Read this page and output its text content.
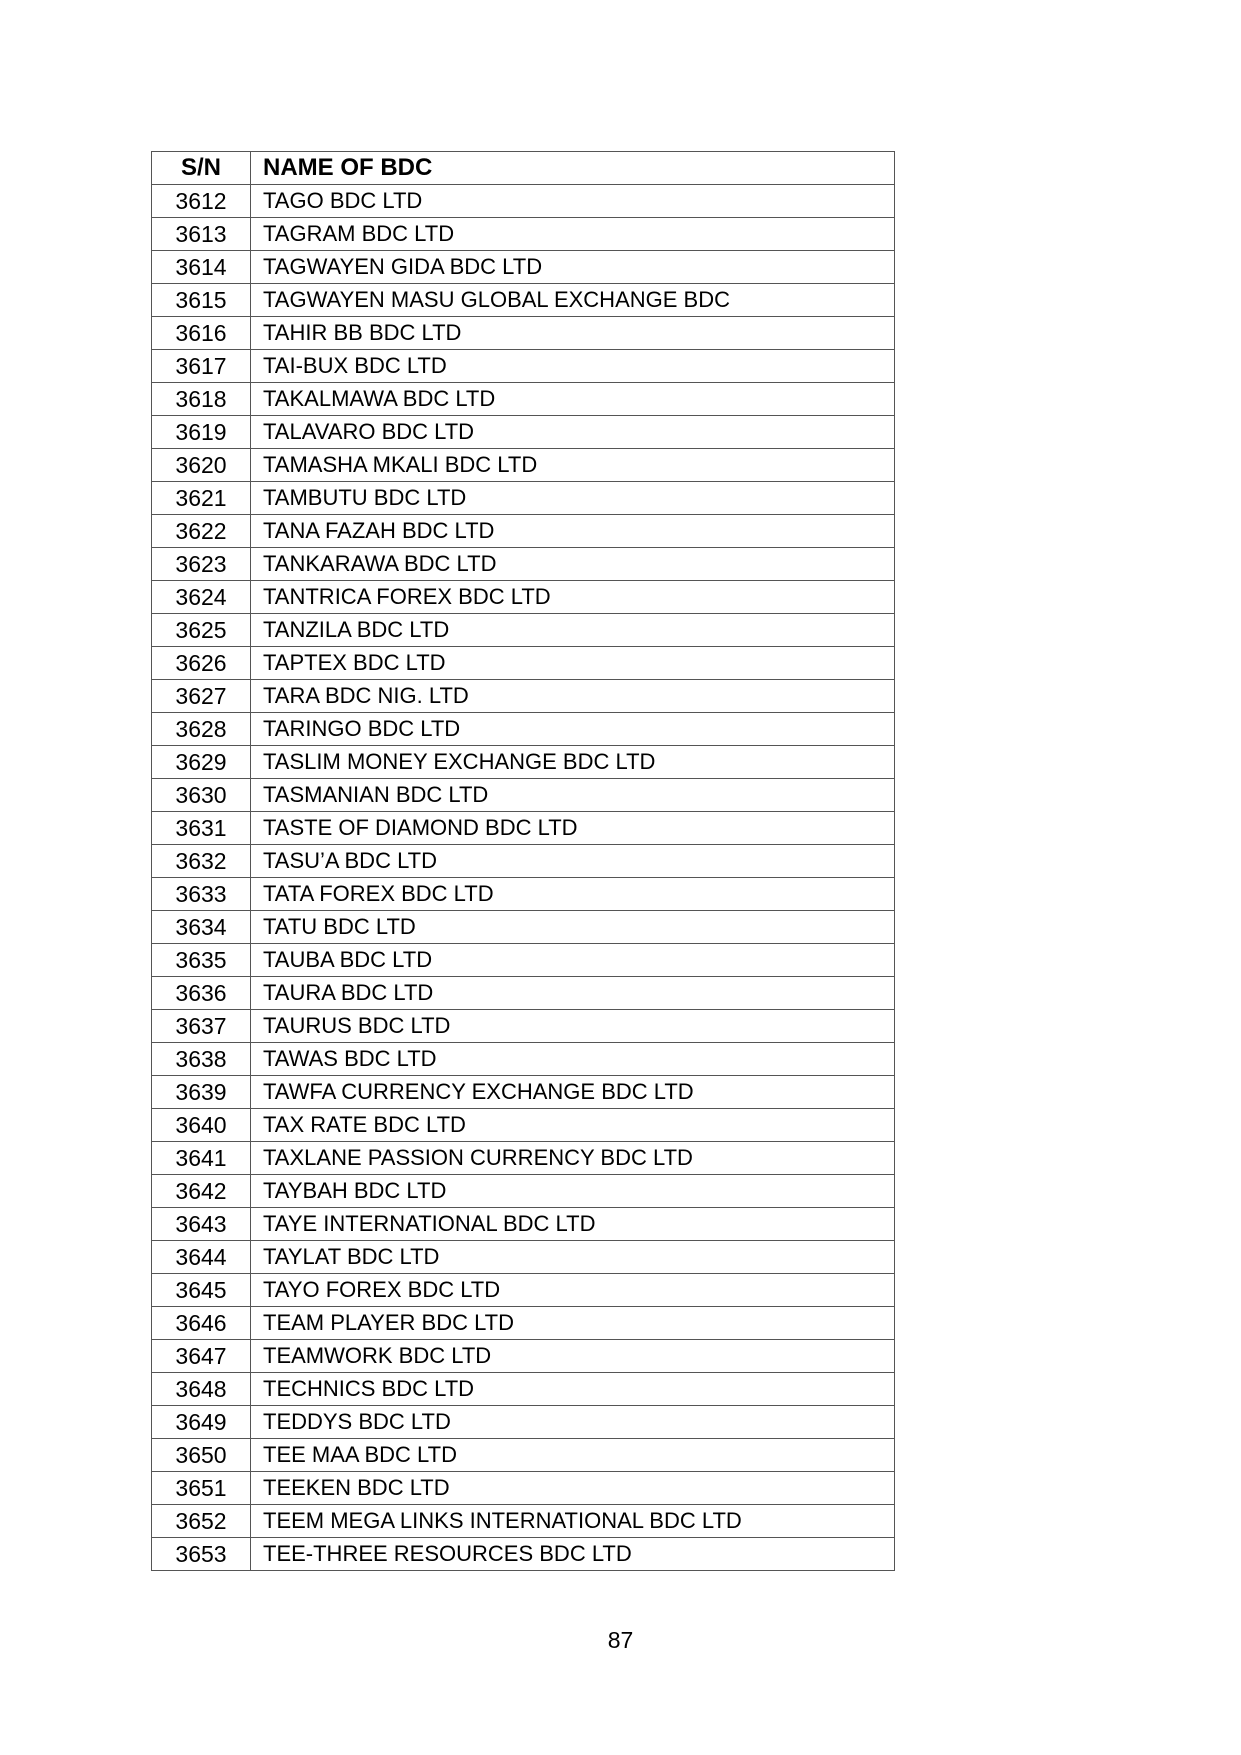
S/N	NAME OF BDC
3612	TAGO BDC LTD
3613	TAGRAM BDC LTD
3614	TAGWAYEN GIDA BDC LTD
3615	TAGWAYEN MASU GLOBAL EXCHANGE BDC
3616	TAHIR BB BDC LTD
3617	TAI-BUX BDC LTD
3618	TAKALMAWA BDC LTD
3619	TALAVARO BDC LTD
3620	TAMASHA MKALI BDC LTD
3621	TAMBUTU BDC LTD
3622	TANA FAZAH BDC LTD
3623	TANKARAWA BDC LTD
3624	TANTRICA FOREX BDC LTD
3625	TANZILA BDC LTD
3626	TAPTEX BDC LTD
3627	TARA BDC NIG. LTD
3628	TARINGO BDC LTD
3629	TASLIM MONEY EXCHANGE BDC LTD
3630	TASMANIAN BDC LTD
3631	TASTE OF DIAMOND BDC LTD
3632	TASU’A BDC LTD
3633	TATA FOREX BDC LTD
3634	TATU BDC LTD
3635	TAUBA BDC LTD
3636	TAURA BDC LTD
3637	TAURUS BDC LTD
3638	TAWAS BDC LTD
3639	TAWFA CURRENCY EXCHANGE BDC LTD
3640	TAX RATE BDC LTD
3641	TAXLANE PASSION CURRENCY BDC LTD
3642	TAYBAH BDC LTD
3643	TAYE INTERNATIONAL BDC LTD
3644	TAYLAT BDC LTD
3645	TAYO FOREX BDC LTD
3646	TEAM PLAYER BDC LTD
3647	TEAMWORK BDC LTD
3648	TECHNICS BDC LTD
3649	TEDDYS BDC LTD
3650	TEE MAA BDC LTD
3651	TEEKEN BDC LTD
3652	TEEM MEGA LINKS INTERNATIONAL BDC LTD
3653	TEE-THREE RESOURCES BDC LTD
87
